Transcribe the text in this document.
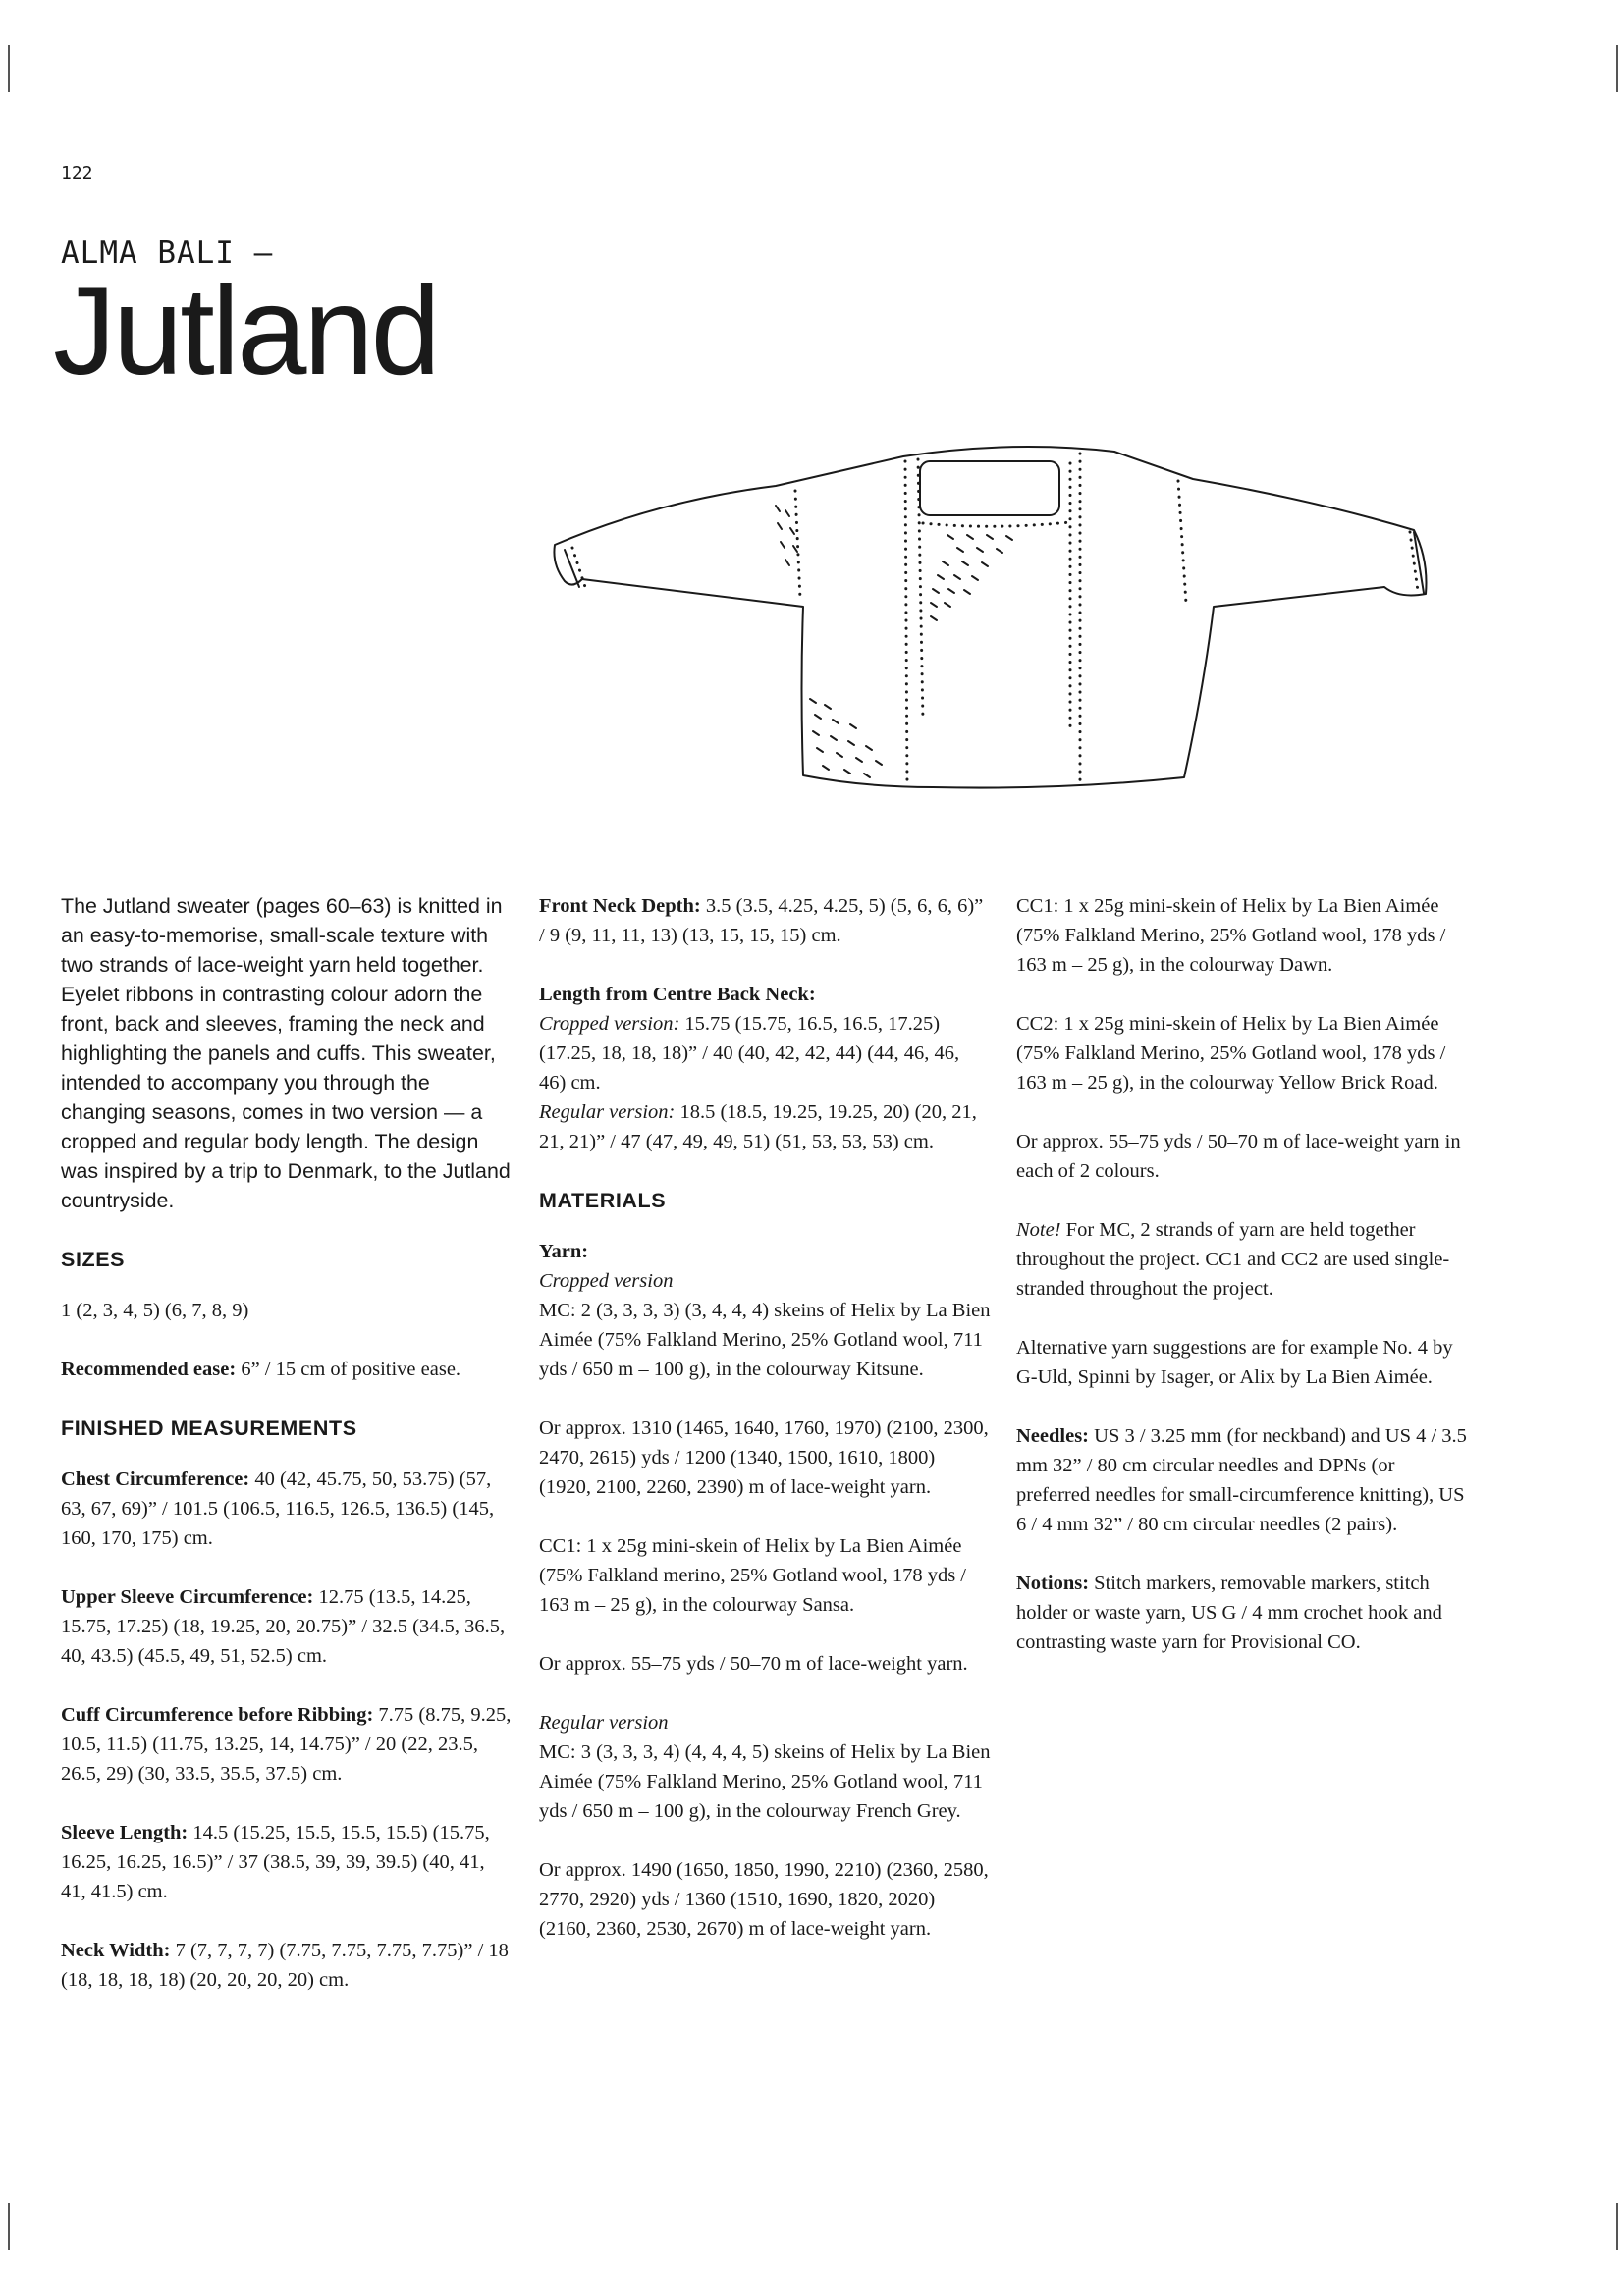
122
ALMA BALI —
Jutland

The Jutland sweater (pages 60–63) is knitted in an easy-to-memorise, small-scale texture with two strands of lace-weight yarn held together. Eyelet ribbons in contrasting colour adorn the front, back and sleeves, framing the neck and highlighting the panels and cuffs. This sweater, intended to accompany you through the changing seasons, comes in two version — a cropped and regular body length. The design was inspired by a trip to Denmark, to the Jutland countryside.

SIZES

1 (2, 3, 4, 5) (6, 7, 8, 9)

Recommended ease: 6” / 15 cm of positive ease.

FINISHED MEASUREMENTS

Chest Circumference: 40 (42, 45.75, 50, 53.75) (57, 63, 67, 69)” / 101.5 (106.5, 116.5, 126.5, 136.5) (145, 160, 170, 175) cm.

Upper Sleeve Circumference: 12.75 (13.5, 14.25, 15.75, 17.25) (18, 19.25, 20, 20.75)” / 32.5 (34.5, 36.5, 40, 43.5) (45.5, 49, 51, 52.5) cm.

Cuff Circumference before Ribbing: 7.75 (8.75, 9.25, 10.5, 11.5) (11.75, 13.25, 14, 14.75)” / 20 (22, 23.5, 26.5, 29) (30, 33.5, 35.5, 37.5) cm.

Sleeve Length: 14.5 (15.25, 15.5, 15.5, 15.5) (15.75, 16.25, 16.25, 16.5)” / 37 (38.5, 39, 39, 39.5) (40, 41, 41, 41.5) cm.

Neck Width: 7 (7, 7, 7, 7) (7.75, 7.75, 7.75, 7.75)” / 18 (18, 18, 18, 18) (20, 20, 20, 20) cm.

Front Neck Depth: 3.5 (3.5, 4.25, 4.25, 5) (5, 6, 6, 6)” / 9 (9, 11, 11, 13) (13, 15, 15, 15) cm.

Length from Centre Back Neck:
Cropped version: 15.75 (15.75, 16.5, 16.5, 17.25) (17.25, 18, 18, 18)” / 40 (40, 42, 42, 44) (44, 46, 46, 46) cm.

Regular version: 18.5 (18.5, 19.25, 19.25, 20) (20, 21, 21, 21)” / 47 (47, 49, 49, 51) (51, 53, 53, 53) cm.

MATERIALS
Yarn:
Cropped version

MC: 2 (3, 3, 3, 3) (3, 4, 4, 4) skeins of Helix by La Bien Aimée (75% Falkland Merino, 25% Gotland wool, 711 yds / 650 m – 100 g), in the colourway Kitsune.

Or approx. 1310 (1465, 1640, 1760, 1970) (2100, 2300, 2470, 2615) yds / 1200 (1340, 1500, 1610, 1800) (1920, 2100, 2260, 2390) m of lace-weight yarn.

CC1: 1 x 25g mini-skein of Helix by La Bien Aimée (75% Falkland merino, 25% Gotland wool, 178 yds / 163 m – 25 g), in the colourway Sansa.

Or approx. 55–75 yds / 50–70 m of lace-weight yarn.

Regular version

MC: 3 (3, 3, 3, 4) (4, 4, 4, 5) skeins of Helix by La Bien Aimée (75% Falkland Merino, 25% Gotland wool, 711 yds / 650 m – 100 g), in the colourway French Grey.

Or approx. 1490 (1650, 1850, 1990, 2210) (2360, 2580, 2770, 2920) yds / 1360 (1510, 1690, 1820, 2020) (2160, 2360, 2530, 2670) m of lace-weight yarn.

CC1: 1 x 25g mini-skein of Helix by La Bien Aimée (75% Falkland Merino, 25% Gotland wool, 178 yds / 163 m – 25 g), in the colourway Dawn.

CC2: 1 x 25g mini-skein of Helix by La Bien Aimée (75% Falkland Merino, 25% Gotland wool, 178 yds / 163 m – 25 g), in the colourway Yellow Brick Road.

Or approx. 55–75 yds / 50–70 m of lace-weight yarn in each of 2 colours.

Note! For MC, 2 strands of yarn are held together throughout the project. CC1 and CC2 are used single-stranded throughout the project.

Alternative yarn suggestions are for example No. 4 by G-Uld, Spinni by Isager, or Alix by La Bien Aimée.

Needles: US 3 / 3.25 mm (for neckband) and US 4 / 3.5 mm 32” / 80 cm circular needles and DPNs (or preferred needles for small-circumference knitting), US 6 / 4 mm 32” / 80 cm circular needles (2 pairs).

Notions: Stitch markers, removable markers, stitch holder or waste yarn, US G / 4 mm crochet hook and contrasting waste yarn for Provisional CO.
